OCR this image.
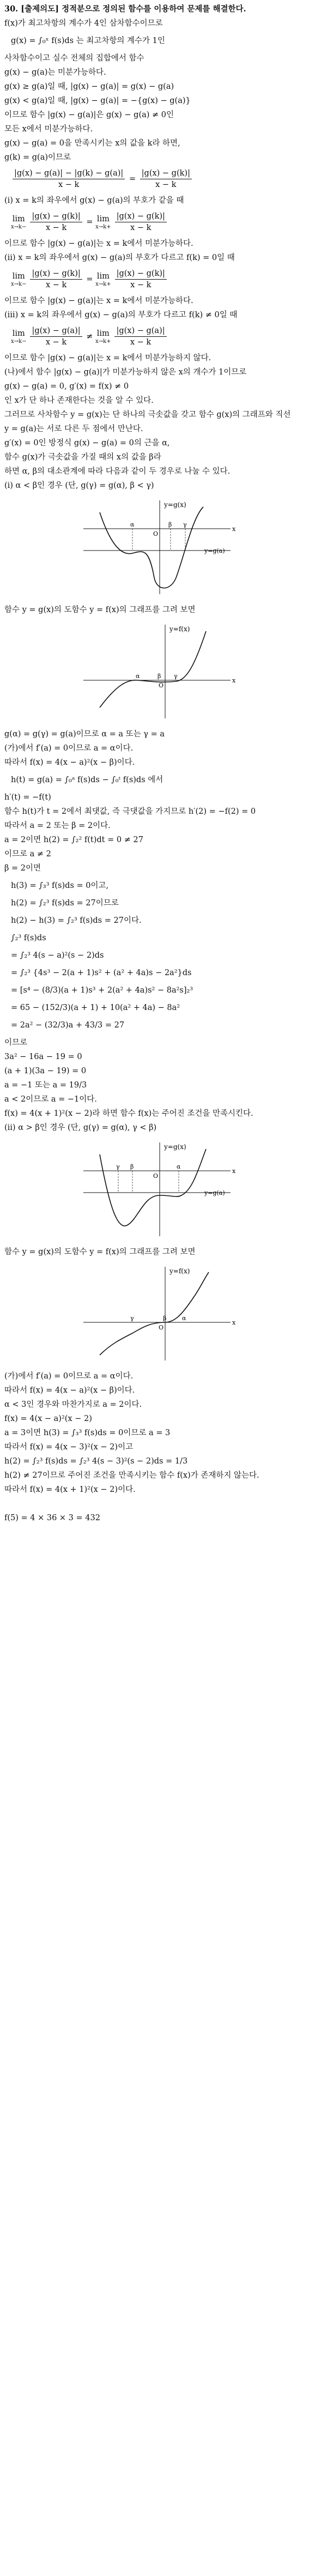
30. [출제의도] 정적분으로 정의된 함수를 이용하여 문제를 해결한다.

f(x)가 최고차항의 계수가 4인 삼차함수이므로

g(x) = ∫₀ˣ f(s)ds 는 최고차항의 계수가 1인

사차함수이고 실수 전체의 집합에서 함수

g(x) − g(a)는 미분가능하다.

g(x) ≥ g(a)일 때, |g(x) − g(a)| = g(x) − g(a)

g(x) < g(a)일 때, |g(x) − g(a)| = −{g(x) − g(a)}

이므로 함수 |g(x) − g(a)|은 g(x) − g(a) ≠ 0인

모든 x에서 미분가능하다.

g(x) − g(a) = 0을 만족시키는 x의 값을 k라 하면,

g(k) = g(a)이므로

$\frac{|g(x) - g(a)| - |g(k) - g(a)|}{x - k} = \frac{|g(x) - g(k)|}{x - k}$

(ⅰ) x = k의 좌우에서 g(x) − g(a)의 부호가 같을 때

lim
$x\to k- \frac{|g(x) - g(k)|}{x - k} = \lim$
$x\to k+ \frac{|g(x) - g(k)|}{x - k}$

이므로 함수 |g(x) − g(a)|는 x = k에서 미분가능하다.

(ⅱ) x = k의 좌우에서 g(x) − g(a)의 부호가 다르고 f(k) = 0일 때

lim
$x\to k- \frac{|g(x) - g(k)|}{x - k} = \lim$
$x\to k+ \frac{|g(x) - g(k)|}{x - k}$

이므로 함수 |g(x) − g(a)|는 x = k에서 미분가능하다.

(ⅲ) x = k의 좌우에서 g(x) − g(a)의 부호가 다르고 f(k) ≠ 0일 때

lim
$x\to k- \frac{|g(x) - g(a)|}{x - k} \ne \lim$
$x\to k+ \frac{|g(x) - g(a)|}{x - k}$

이므로 함수 |g(x) − g(a)|는 x = k에서 미분가능하지 않다.

(나)에서 함수 |g(x) − g(a)|가 미분가능하지 않은 x의 개수가 1이므로

g(x) − g(a) = 0, g′(x) = f(x) ≠ 0

인 x가 단 하나 존재한다는 것을 알 수 있다.

그러므로 사차함수 y = g(x)는 단 하나의 극솟값을 갖고 함수 g(x)의 그래프와 직선

y = g(a)는 서로 다른 두 점에서 만난다.

g′(x) = 0인 방정식 g(x) − g(a) = 0의 근을 α,

함수 g(x)가 극솟값을 가질 때의 x의 값을 β라

하면 α, β의 대소관계에 따라 다음과 같이 두 경우로 나눌 수 있다.

(ⅰ) α < β인 경우 (단, g(γ) = g(α), β < γ)

x
O
y=g(x)
y=g(a)
α	β γ

함수 y = g(x)의 도함수 y = f(x)의 그래프를 그려 보면

x
O
y=f(x)
α	β γ

g(α) = g(γ) = g(a)이므로 α = a 또는 γ = a

(가)에서 f′(a) = 0이므로 a = α이다.

따라서 f(x) = 4(x − a)²(x − β)이다.

h(t) = g(a) = ∫₀ᵃ f(s)ds − ∫₀ᵗ f(s)ds 에서

h′(t) = −f(t)

함수 h(t)가 t = 2에서 최댓값, 즉 극댓값을 가지므로 h′(2) = −f(2) = 0

따라서 a = 2 또는 β = 2이다.

a = 2이면 h(2) = ∫₂² f(t)dt = 0 ≠ 27

이므로 a ≠ 2

β = 2이면

h(3) = ∫₃³ f(s)ds = 0이고,

h(2) = ∫₂³ f(s)ds = 27이므로

h(2) − h(3) = ∫₂³ f(s)ds = 27이다.

∫₂³ f(s)ds

= ∫₂³ 4(s − a)²(s − 2)ds

= ∫₂³ {4s³ − 2(a + 1)s² + (a² + 4a)s − 2a²}ds

= [s⁴ − (8/3)(a + 1)s³ + 2(a² + 4a)s² − 8a²s]₂³

= 65 − (152/3)(a + 1) + 10(a² + 4a) − 8a²

= 2a² − (32/3)a + 43/3 = 27

이므로

3a² − 16a − 19 = 0

(a + 1)(3a − 19) = 0

a = −1 또는 a = 19/3

a < 2이므로 a = −1이다.

f(x) = 4(x + 1)²(x − 2)라 하면 함수 f(x)는 주어진 조건을 만족시킨다.

(ⅱ) α > β인 경우 (단, g(γ) = g(α), γ < β)

x
O
y=g(x)
y=g(a)
γ β	α

함수 y = g(x)의 도함수 y = f(x)의 그래프를 그려 보면

x
O
y=f(x)
γ	β	α

(가)에서 f′(a) = 0이므로 a = α이다.

따라서 f(x) = 4(x − a)²(x − β)이다.

α < 3인 경우와 마찬가지로 a = 2이다.

f(x) = 4(x − a)²(x − 2)

a = 3이면 h(3) = ∫₃³ f(s)ds = 0이므로 a = 3

따라서 f(x) = 4(x − 3)²(x − 2)이고

h(2) = ∫₂³ f(s)ds = ∫₂³ 4(s − 3)²(s − 2)ds = 1/3

h(2) ≠ 27이므로 주어진 조건을 만족시키는 함수 f(x)가 존재하지 않는다.

따라서 f(x) = 4(x + 1)²(x − 2)이다.

f(5) = 4 × 36 × 3 = 432
